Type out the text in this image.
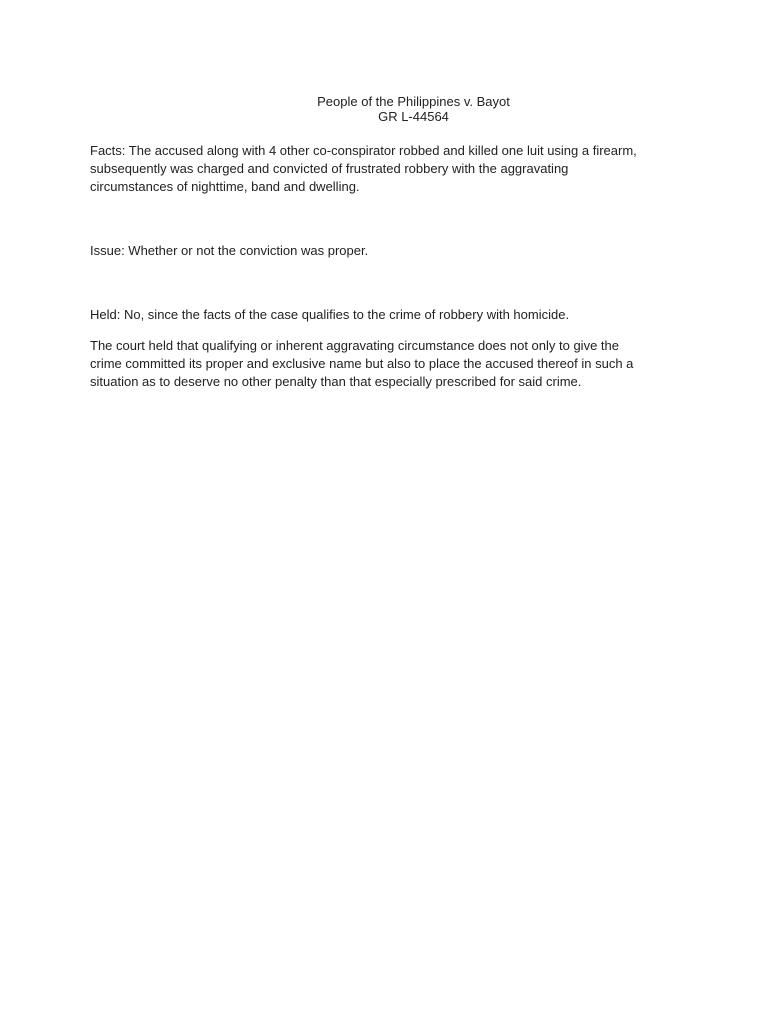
People of the Philippines v. Bayot
GR L-44564

Facts: The accused along with 4 other co-conspirator robbed and killed one luit using a firearm,
subsequently was charged and convicted of frustrated robbery with the aggravating
circumstances of nighttime, band and dwelling.

Issue: Whether or not the conviction was proper.

Held: No, since the facts of the case qualifies to the crime of robbery with homicide.

The court held that qualifying or inherent aggravating circumstance does not only to give the
crime committed its proper and exclusive name but also to place the accused thereof in such a
situation as to deserve no other penalty than that especially prescribed for said crime.
